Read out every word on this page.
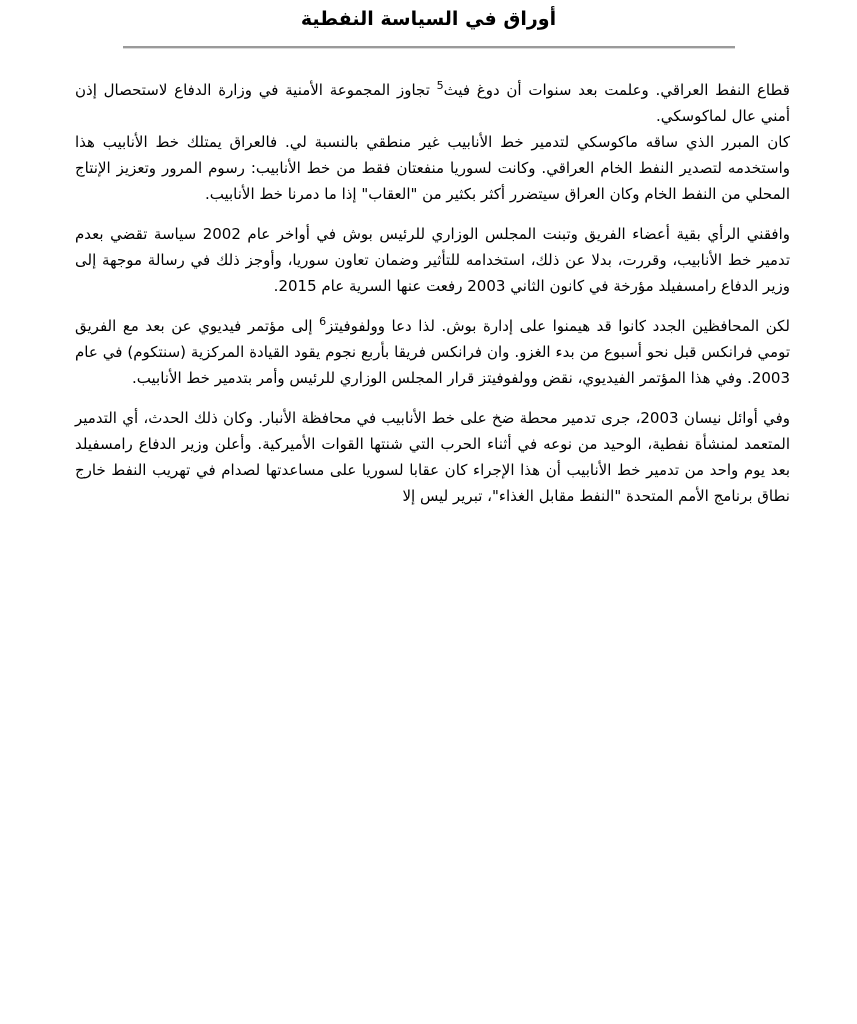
أوراق في السياسة النفطية

قطاع النفط العراقي. وعلمت بعد سنوات أن دوغ فيث$^5$ تجاوز المجموعة الأمنية في وزارة الدفاع لاستحصال إذن أمني عال لماكوسكي.

كان المبرر الذي ساقه ماكوسكي لتدمير خط الأنابيب غير منطقي بالنسبة لي. فالعراق يمتلك خط الأنابيب هذا واستخدمه لتصدير النفط الخام العراقي. وكانت لسوريا منفعتان فقط من خط الأنابيب: رسوم المرور وتعزيز الإنتاج المحلي من النفط الخام وكان العراق سيتضرر أكثر بكثير من "العقاب" إذا ما دمرنا خط الأنابيب.

وافقني الرأي بقية أعضاء الفريق وتبنت المجلس الوزاري للرئيس بوش في أواخر عام 2002 سياسة تقضي بعدم تدمير خط الأنابيب، وقررت، بدلا عن ذلك، استخدامه للتأثير وضمان تعاون سوريا، وأوجز ذلك في رسالة موجهة إلى وزير الدفاع رامسفيلد مؤرخة في كانون الثاني 2003 رفعت عنها السرية عام 2015.

لكن المحافظين الجدد كانوا قد هيمنوا على إدارة بوش. لذا دعا وولفوفيتز$^6$ إلى مؤتمر فيديوي عن بعد مع الفريق تومي فرانكس قبل نحو أسبوع من بدء الغزو. وان فرانكس فريقا بأربع نجوم يقود القيادة المركزية (سنتكوم) في عام 2003. وفي هذا المؤتمر الفيديوي، نقض وولفوفيتز قرار المجلس الوزاري للرئيس وأمر بتدمير خط الأنابيب.

وفي أوائل نيسان 2003، جرى تدمير محطة ضخ على خط الأنابيب في محافظة الأنبار. وكان ذلك الحدث، أي التدمير المتعمد لمنشأة نفطية، الوحيد من نوعه في أثناء الحرب التي شنتها القوات الأميركية. وأعلن وزير الدفاع رامسفيلد بعد يوم واحد من تدمير خط الأنابيب أن هذا الإجراء كان عقابا لسوريا على مساعدتها لصدام في تهريب النفط خارج نطاق برنامج الأمم المتحدة "النفط مقابل الغذاء"، تبرير ليس إلا
